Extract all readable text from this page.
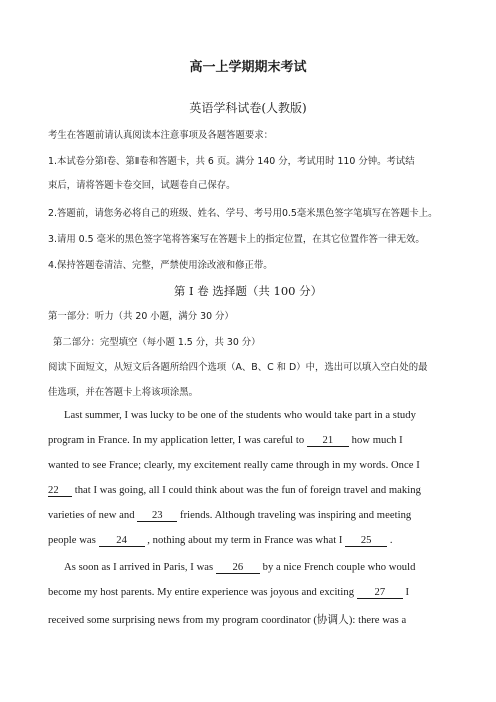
高一上学期期末考试
英语学科试卷(人教版)
考生在答题前请认真阅读本注意事项及各题答题要求：
1.本试卷分第Ⅰ卷、第Ⅱ卷和答题卡，共 6 页。满分 140 分，考试用时 110 分钟。考试结
束后，请将答题卡卷交回，试题卷自己保存。
2.答题前，请您务必将自己的班级、姓名、学号、考号用0.5毫米黑色签字笔填写在答题卡上。
3.请用 0.5 毫米的黑色签字笔将答案写在答题卡上的指定位置，在其它位置作答一律无效。
4.保持答题卷清洁、完整，严禁使用涂改液和修正带。
第 I 卷 选择题（共 100 分）
第一部分：听力（共 20 小题，满分 30 分）
第二部分：完型填空（每小题 1.5 分，共 30 分）
阅读下面短文，从短文后各题所给四个选项（A、B、C 和 D）中，选出可以填入空白处的最
佳选项，并在答题卡上将该项涂黑。
Last summer, I was lucky to be one of the students who would take part in a study
program in France. In my application letter, I was careful to 21 how much I
wanted to see France; clearly, my excitement really came through in my words. Once I
22 that I was going, all I could think about was the fun of foreign travel and making
varieties of new and 23 friends. Although traveling was inspiring and meeting
people was 24 , nothing about my term in France was what I 25 .
As soon as I arrived in Paris, I was 26 by a nice French couple who would
become my host parents. My entire experience was joyous and exciting 27 I
received some surprising news from my program coordinator (协调人): there was a
